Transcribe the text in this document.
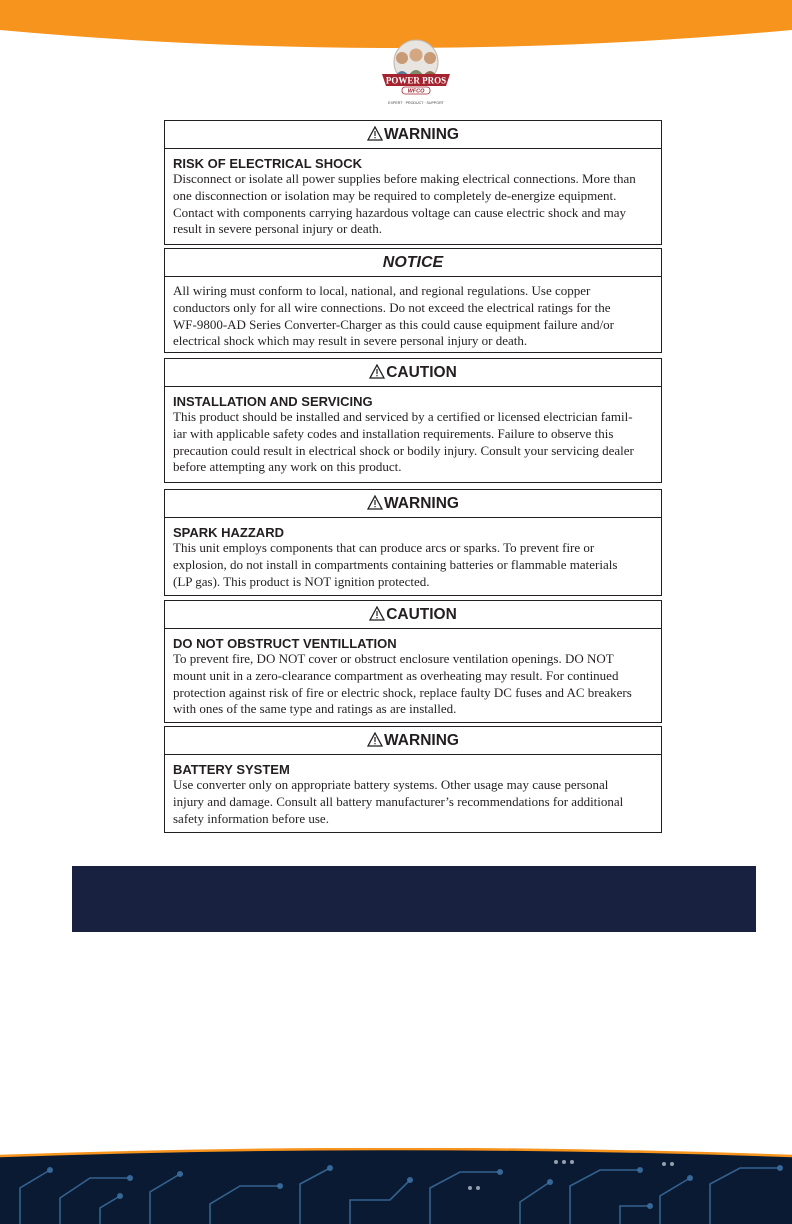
POWER PROS
WFCO
EXPERT · PRODUCT · SUPPORT
WARNING
RISK OF ELECTRICAL SHOCK
Disconnect or isolate all power supplies before making electrical connections. More than
one disconnection or isolation may be required to completely de-energize equipment.
Contact with components carrying hazardous voltage can cause electric shock and may
result in severe personal injury or death.
NOTICE
All wiring must conform to local, national, and regional regulations. Use copper
conductors only for all wire connections. Do not exceed the electrical ratings for the
WF-9800-AD Series Converter-Charger as this could cause equipment failure and/or
electrical shock which may result in severe personal injury or death.
CAUTION
INSTALLATION AND SERVICING
This product should be installed and serviced by a certified or licensed electrician famil-
iar with applicable safety codes and installation requirements. Failure to observe this
precaution could result in electrical shock or bodily injury. Consult your servicing dealer
before attempting any work on this product.
WARNING
SPARK HAZZARD
This unit employs components that can produce arcs or sparks. To prevent fire or
explosion, do not install in compartments containing batteries or flammable materials
(LP gas). This product is NOT ignition protected.
CAUTION
DO NOT OBSTRUCT VENTILLATION
To prevent fire, DO NOT cover or obstruct enclosure ventilation openings. DO NOT
mount unit in a zero-clearance compartment as overheating may result. For continued
protection against risk of fire or electric shock, replace faulty DC fuses and AC breakers
with ones of the same type and ratings as are installed.
WARNING
BATTERY SYSTEM
Use converter only on appropriate battery systems. Other usage may cause personal
injury and damage. Consult all battery manufacturer’s recommendations for additional
safety information before use.
